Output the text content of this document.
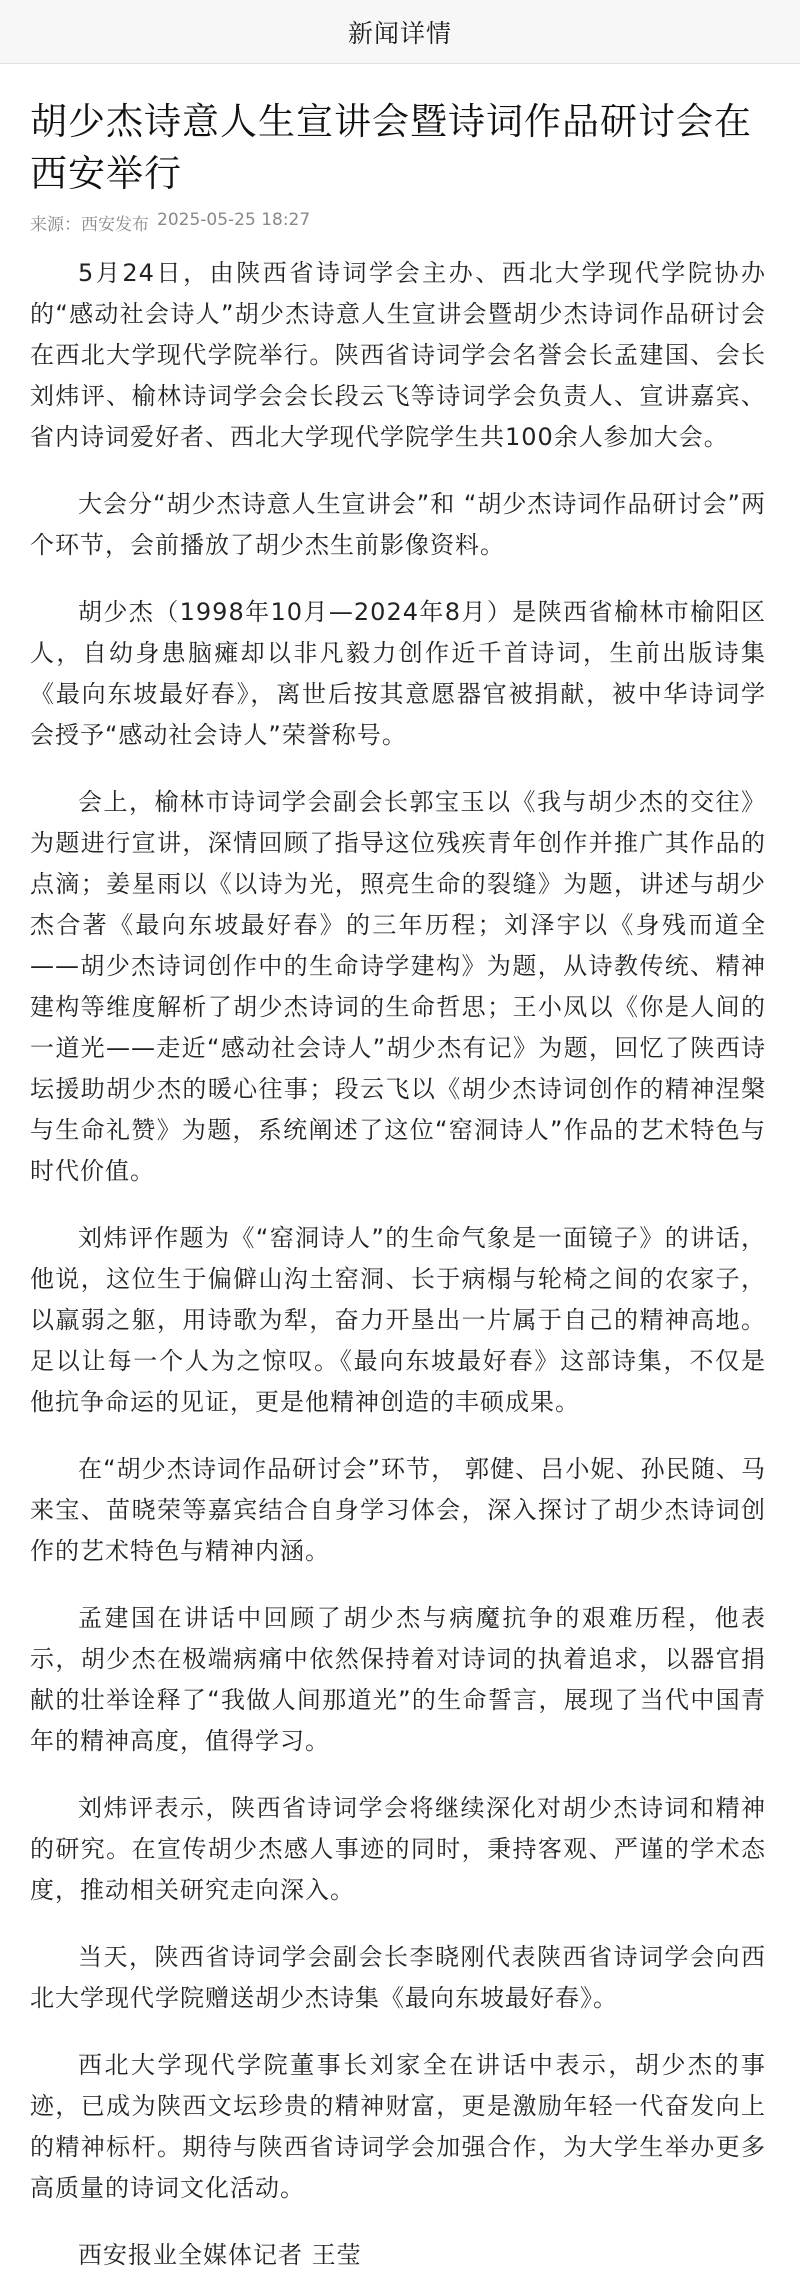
新闻详情
胡少杰诗意人生宣讲会暨诗词作品研讨会在西安举行
来源：西安发布 2025-05-25 18:27

5月24日，由陕西省诗词学会主办、西北大学现代学院协办的“感动社会诗人”胡少杰诗意人生宣讲会暨胡少杰诗词作品研讨会在西北大学现代学院举行。陕西省诗词学会名誉会长孟建国、会长刘炜评、榆林诗词学会会长段云飞等诗词学会负责人、宣讲嘉宾、省内诗词爱好者、西北大学现代学院学生共100余人参加大会。

大会分“胡少杰诗意人生宣讲会”和 “胡少杰诗词作品研讨会”两个环节，会前播放了胡少杰生前影像资料。

胡少杰（1998年10月—2024年8月）是陕西省榆林市榆阳区人，自幼身患脑瘫却以非凡毅力创作近千首诗词，生前出版诗集《最向东坡最好春》，离世后按其意愿器官被捐献，被中华诗词学会授予“感动社会诗人”荣誉称号。

会上，榆林市诗词学会副会长郭宝玉以《我与胡少杰的交往》为题进行宣讲，深情回顾了指导这位残疾青年创作并推广其作品的点滴；姜星雨以《以诗为光，照亮生命的裂缝》为题，讲述与胡少杰合著《最向东坡最好春》的三年历程；刘泽宇以《身残而道全——胡少杰诗词创作中的生命诗学建构》为题，从诗教传统、精神建构等维度解析了胡少杰诗词的生命哲思；王小凤以《你是人间的一道光——走近“感动社会诗人”胡少杰有记》为题，回忆了陕西诗坛援助胡少杰的暖心往事；段云飞以《胡少杰诗词创作的精神涅槃与生命礼赞》为题，系统阐述了这位“窑洞诗人”作品的艺术特色与时代价值。

刘炜评作题为《“窑洞诗人”的生命气象是一面镜子》的讲话，他说，这位生于偏僻山沟土窑洞、长于病榻与轮椅之间的农家子，以羸弱之躯，用诗歌为犁，奋力开垦出一片属于自己的精神高地。足以让每一个人为之惊叹。《最向东坡最好春》这部诗集，不仅是他抗争命运的见证，更是他精神创造的丰硕成果。

在“胡少杰诗词作品研讨会”环节， 郭健、吕小妮、孙民随、马来宝、苗晓荣等嘉宾结合自身学习体会，深入探讨了胡少杰诗词创作的艺术特色与精神内涵。

孟建国在讲话中回顾了胡少杰与病魔抗争的艰难历程，他表示，胡少杰在极端病痛中依然保持着对诗词的执着追求，以器官捐献的壮举诠释了“我做人间那道光”的生命誓言，展现了当代中国青年的精神高度，值得学习。

刘炜评表示，陕西省诗词学会将继续深化对胡少杰诗词和精神的研究。在宣传胡少杰感人事迹的同时，秉持客观、严谨的学术态度，推动相关研究走向深入。

当天，陕西省诗词学会副会长李晓刚代表陕西省诗词学会向西北大学现代学院赠送胡少杰诗集《最向东坡最好春》。

西北大学现代学院董事长刘家全在讲话中表示，胡少杰的事迹，已成为陕西文坛珍贵的精神财富，更是激励年轻一代奋发向上的精神标杆。期待与陕西省诗词学会加强合作，为大学生举办更多高质量的诗词文化活动。

西安报业全媒体记者 王莹
